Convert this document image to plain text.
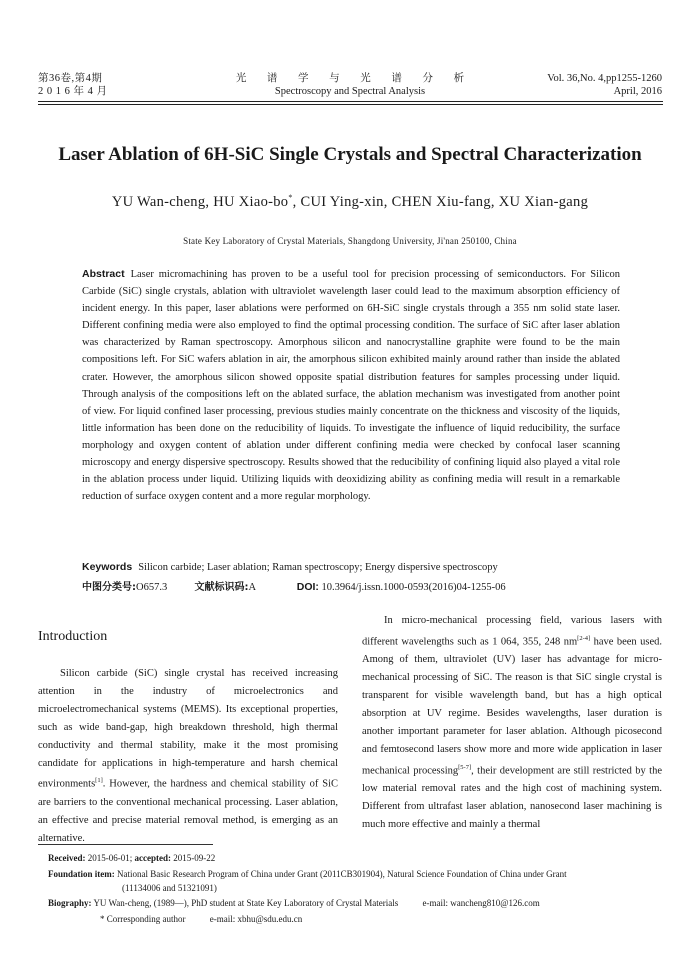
第36卷,第4期
2 0 1 6 年 4 月
光 谱 学 与 光 谱 分 析
Spectroscopy and Spectral Analysis
Vol. 36,No. 4,pp1255-1260
April, 2016
Laser Ablation of 6H-SiC Single Crystals and Spectral Characterization
YU Wan-cheng, HU Xiao-bo*, CUI Ying-xin, CHEN Xiu-fang, XU Xian-gang
State Key Laboratory of Crystal Materials, Shangdong University, Ji'nan 250100, China
Abstract Laser micromachining has proven to be a useful tool for precision processing of semiconductors. For Silicon Carbide (SiC) single crystals, ablation with ultraviolet wavelength laser could lead to the maximum absorption efficiency of incident energy. In this paper, laser ablations were performed on 6H-SiC single crystals through a 355 nm solid state laser. Different confining media were also employed to find the optimal processing condition. The surface of SiC after laser ablation was characterized by Raman spectroscopy. Amorphous silicon and nanocrystalline graphite were found to be the main compositions left. For SiC wafers ablation in air, the amorphous silicon exhibited mainly around rather than inside the ablated crater. However, the amorphous silicon showed opposite spatial distribution features for samples processing under liquid. Through analysis of the compositions left on the ablated surface, the ablation mechanism was investigated from another point of view. For liquid confined laser processing, previous studies mainly concentrate on the thickness and viscosity of the liquids, little information has been done on the reducibility of liquids. To investigate the influence of liquid reducibility, the surface morphology and oxygen content of ablation under different confining media were checked by confocal laser scanning microscopy and energy dispersive spectroscopy. Results showed that the reducibility of confining liquid also played a vital role in the ablation process under liquid. Utilizing liquids with deoxidizing ability as confining media will result in a remarkable reduction of surface oxygen content and a more regular morphology.
Keywords Silicon carbide; Laser ablation; Raman spectroscopy; Energy dispersive spectroscopy
中图分类号:O657.3	文献标识码:A	DOI: 10.3964/j.issn.1000-0593(2016)04-1255-06
Introduction

Silicon carbide (SiC) single crystal has received increasing attention in the industry of microelectronics and microelectromechanical systems (MEMS). Its exceptional properties, such as wide band-gap, high breakdown threshold, high thermal conductivity and thermal stability, make it the most promising candidate for applications in high-temperature and harsh chemical environments[1]. However, the hardness and chemical stability of SiC are barriers to the conventional mechanical processing. Laser ablation, an effective and precise material removal method, is emerging as an alternative.

In micro-mechanical processing field, various lasers with different wavelengths such as 1 064, 355, 248 nm[2-4] have been used. Among of them, ultraviolet (UV) laser has advantage for micro-mechanical processing of SiC. The reason is that SiC single crystal is transparent for visible wavelength band, but has a high optical absorption at UV regime. Besides wavelengths, laser duration is another important parameter for laser ablation. Although picosecond and femtosecond lasers show more and more wide application in laser mechanical processing[5-7], their development are still restricted by the low material removal rates and the high cost of machining system. Different from ultrafast laser ablation, nanosecond laser machining is much more effective and mainly a thermal

Received: 2015-06-01; accepted: 2015-09-22
Foundation item: National Basic Research Program of China under Grant (2011CB301904), Natural Science Foundation of China under Grant
(11134006 and 51321091)
Biography: YU Wan-cheng, (1989—), PhD student at State Key Laboratory of Crystal Materials	e-mail: wancheng810@126.com
* Corresponding author	e-mail: xbhu@sdu.edu.cn
